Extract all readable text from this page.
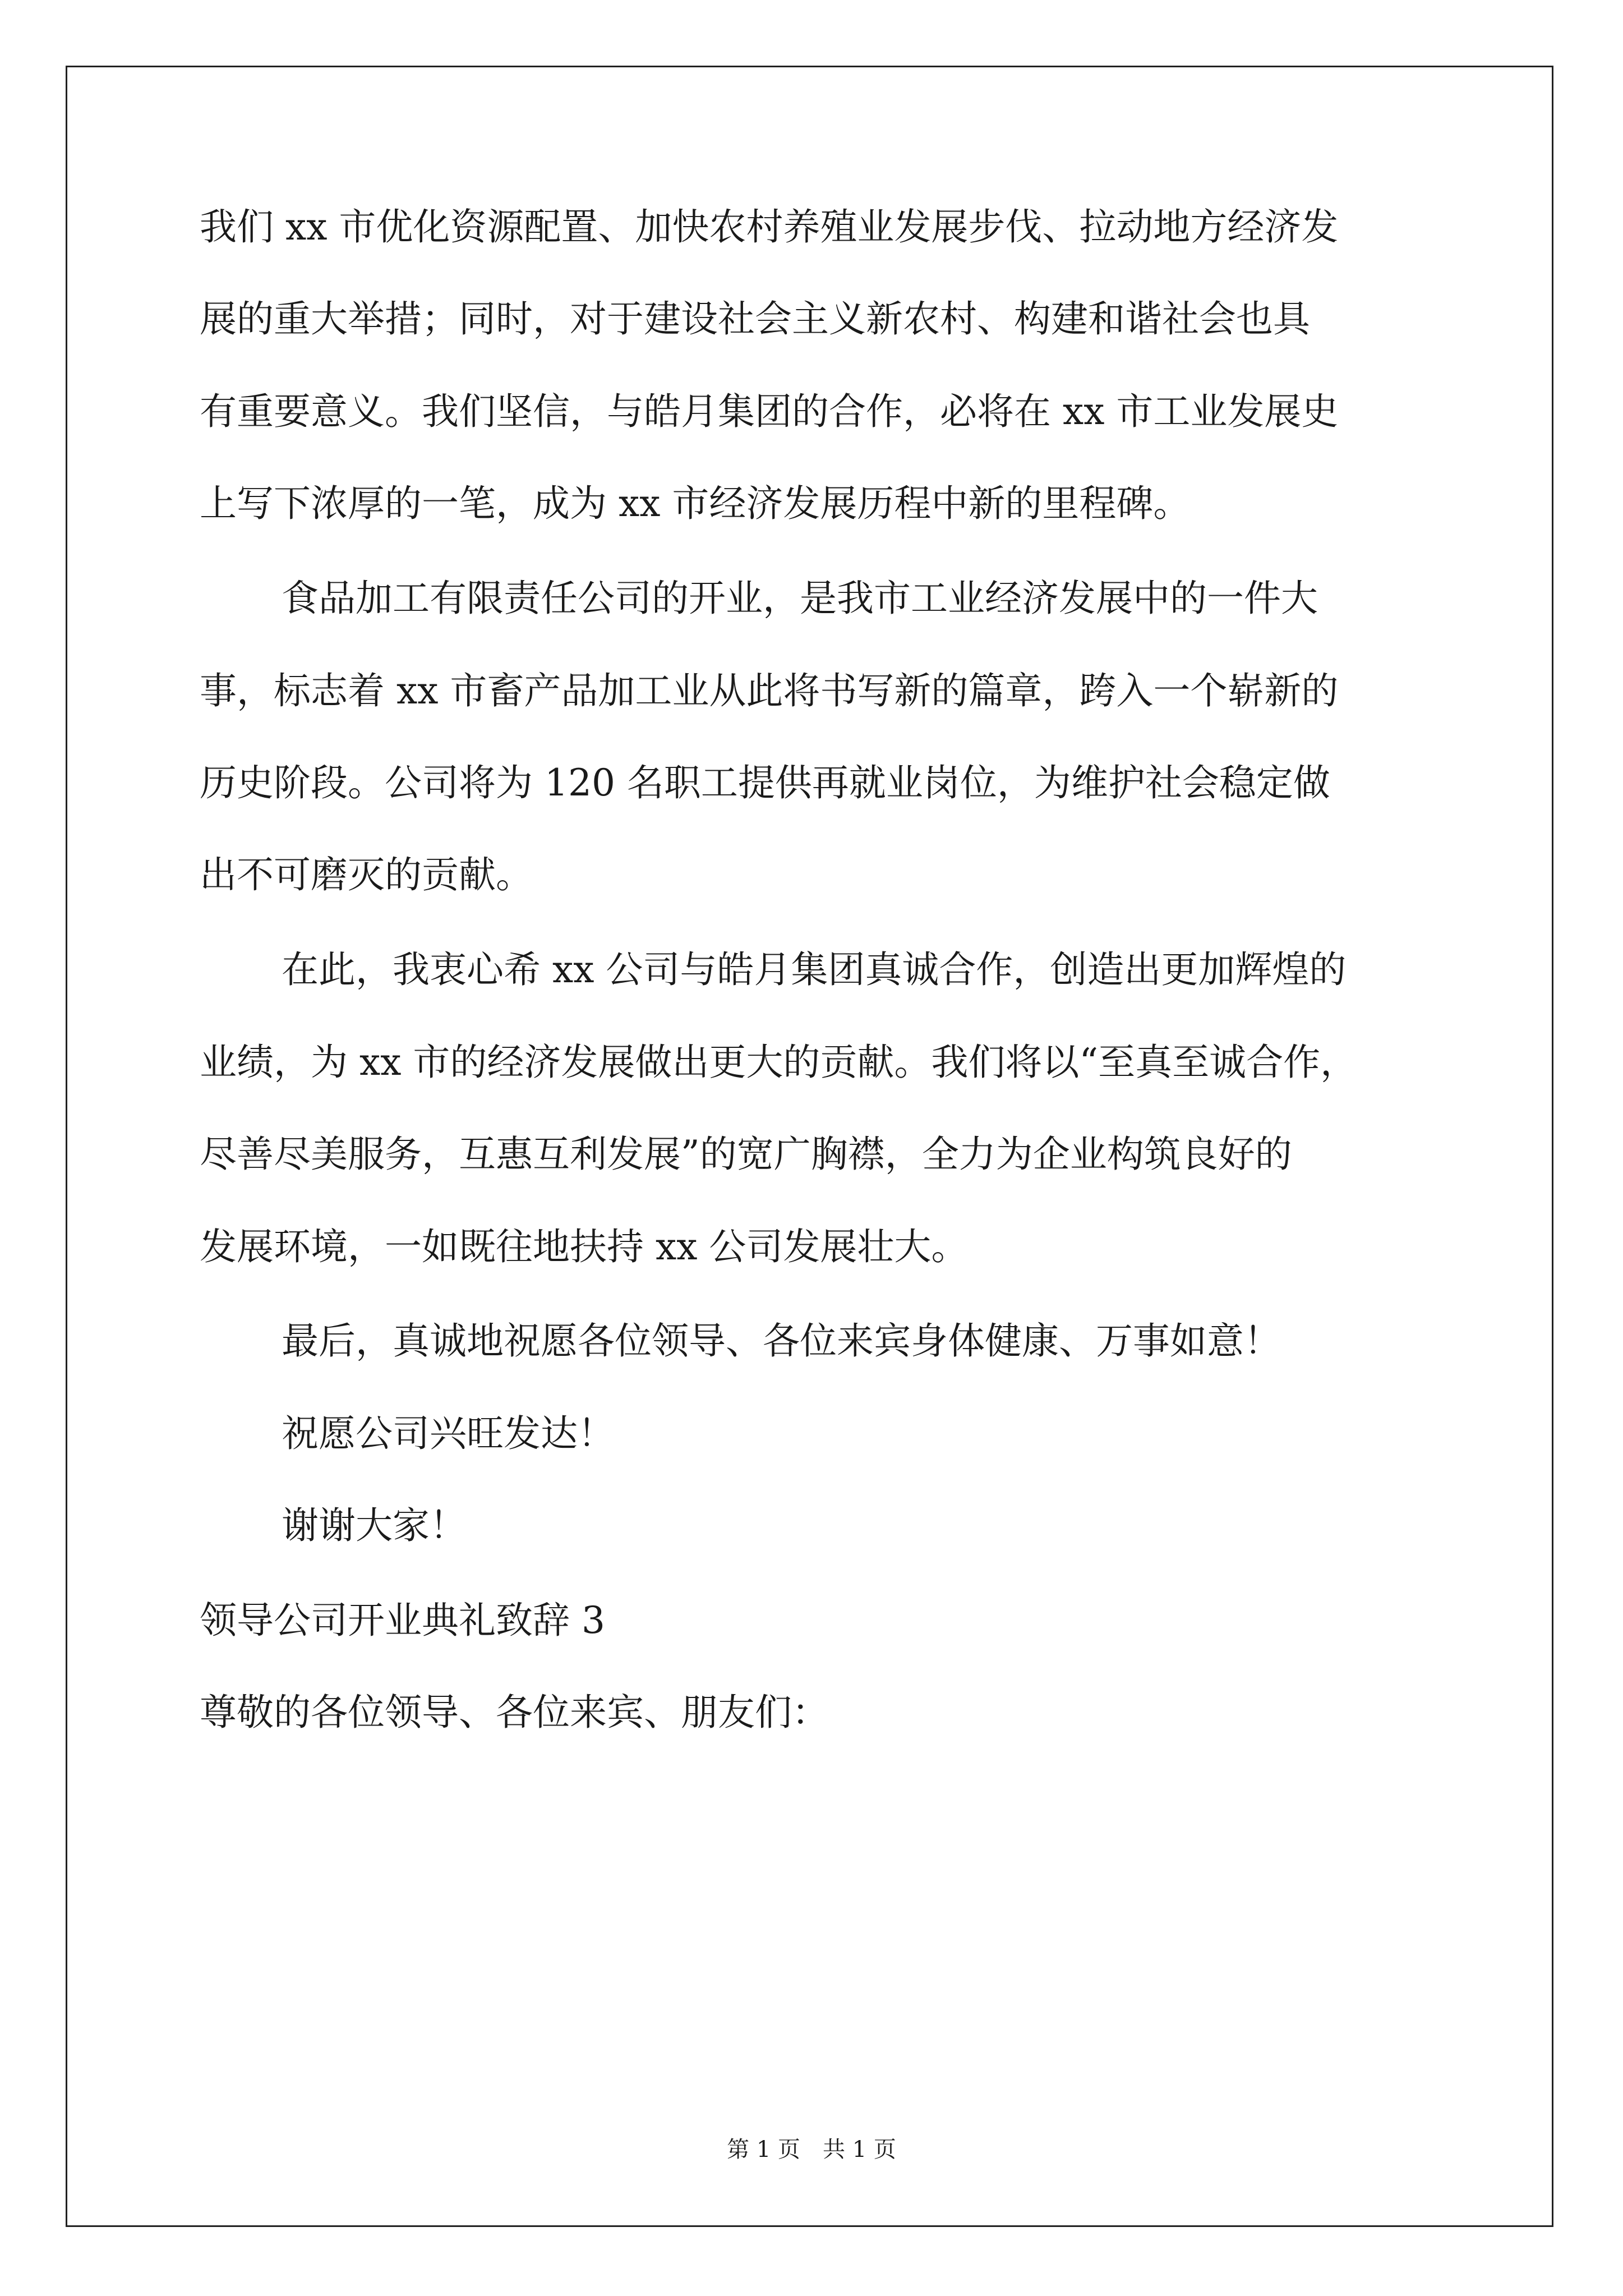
我们 xx 市优化资源配置、加快农村养殖业发展步伐、拉动地方经济发
展的重大举措；同时，对于建设社会主义新农村、构建和谐社会也具
有重要意义。我们坚信，与皓月集团的合作，必将在 xx 市工业发展史
上写下浓厚的一笔，成为 xx 市经济发展历程中新的里程碑。
食品加工有限责任公司的开业，是我市工业经济发展中的一件大
事，标志着 xx 市畜产品加工业从此将书写新的篇章，跨入一个崭新的
历史阶段。公司将为 120 名职工提供再就业岗位，为维护社会稳定做
出不可磨灭的贡献。
在此，我衷心希 xx 公司与皓月集团真诚合作，创造出更加辉煌的
业绩，为 xx 市的经济发展做出更大的贡献。我们将以“至真至诚合作，
尽善尽美服务，互惠互利发展”的宽广胸襟，全力为企业构筑良好的
发展环境，一如既往地扶持 xx 公司发展壮大。
最后，真诚地祝愿各位领导、各位来宾身体健康、万事如意！
祝愿公司兴旺发达！
谢谢大家！
领导公司开业典礼致辞 3
尊敬的各位领导、各位来宾、朋友们：
第 1 页　共 1 页
